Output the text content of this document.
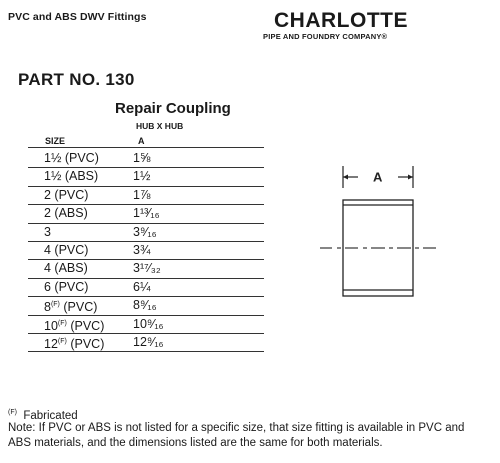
PVC and ABS DWV Fittings	CHARLOTTE
PIPE AND FOUNDRY COMPANY®
PART NO. 130
Repair Coupling
HUB X HUB
SIZE	A
1½ (PVC)	1⅝
1½ (ABS)	1½
2 (PVC)	1⅞
2 (ABS)	1¹³⁄₁₆
3	3⁹⁄₁₆
4 (PVC)	3¾
4 (ABS)	3¹⁷⁄₃₂
6 (PVC)	6¼
$8^{(F)}$ (PVC)	8⁹⁄₁₆
$10^{(F)}$ (PVC) 10⁹⁄₁₆
$12^{(F)}$ (PVC) 12⁹⁄₁₆
A
$^{(F)}$ Fabricated
Note: If PVC or ABS is not listed for a specific size, that size fitting is available in PVC and
ABS materials, and the dimensions listed are the same for both materials.
